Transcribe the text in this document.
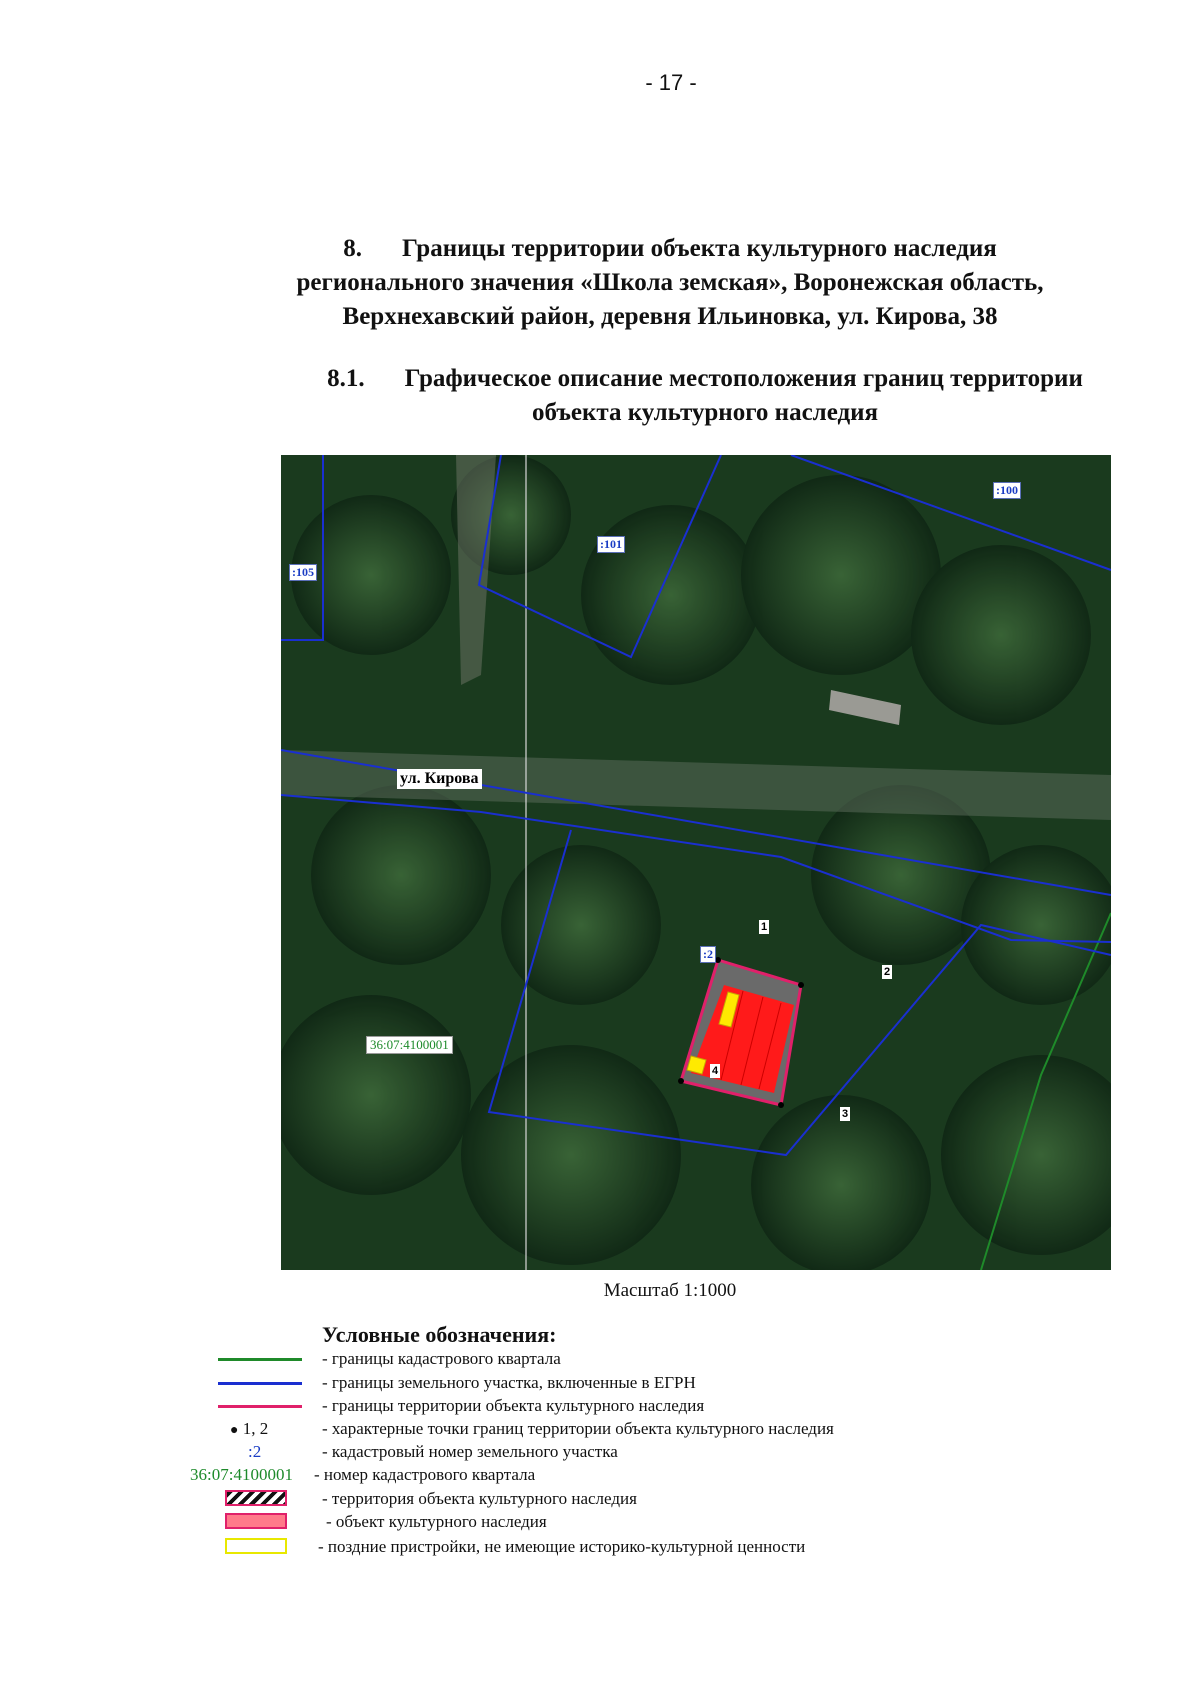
- 17 -
8. Границы территории объекта культурного наследия
регионального значения «Школа земская», Воронежская область,
Верхнехавский район, деревня Ильиновка, ул. Кирова, 38
8.1. Графическое описание местоположения границ территории
объекта культурного наследия
:100
:101
:105
:2
ул. Кирова
36:07:4100001
1
2
3
4
Масштаб 1:1000
Условные обозначения:
- границы кадастрового квартала
- границы земельного участка, включенные в ЕГРН
- границы территории объекта культурного наследия
● 1, 2	- характерные точки границ территории объекта культурного наследия
:2	- кадастровый номер земельного участка
36:07:4100001 - номер кадастрового квартала
- территория объекта культурного наследия
- объект культурного наследия
- поздние пристройки, не имеющие историко-культурной ценности
